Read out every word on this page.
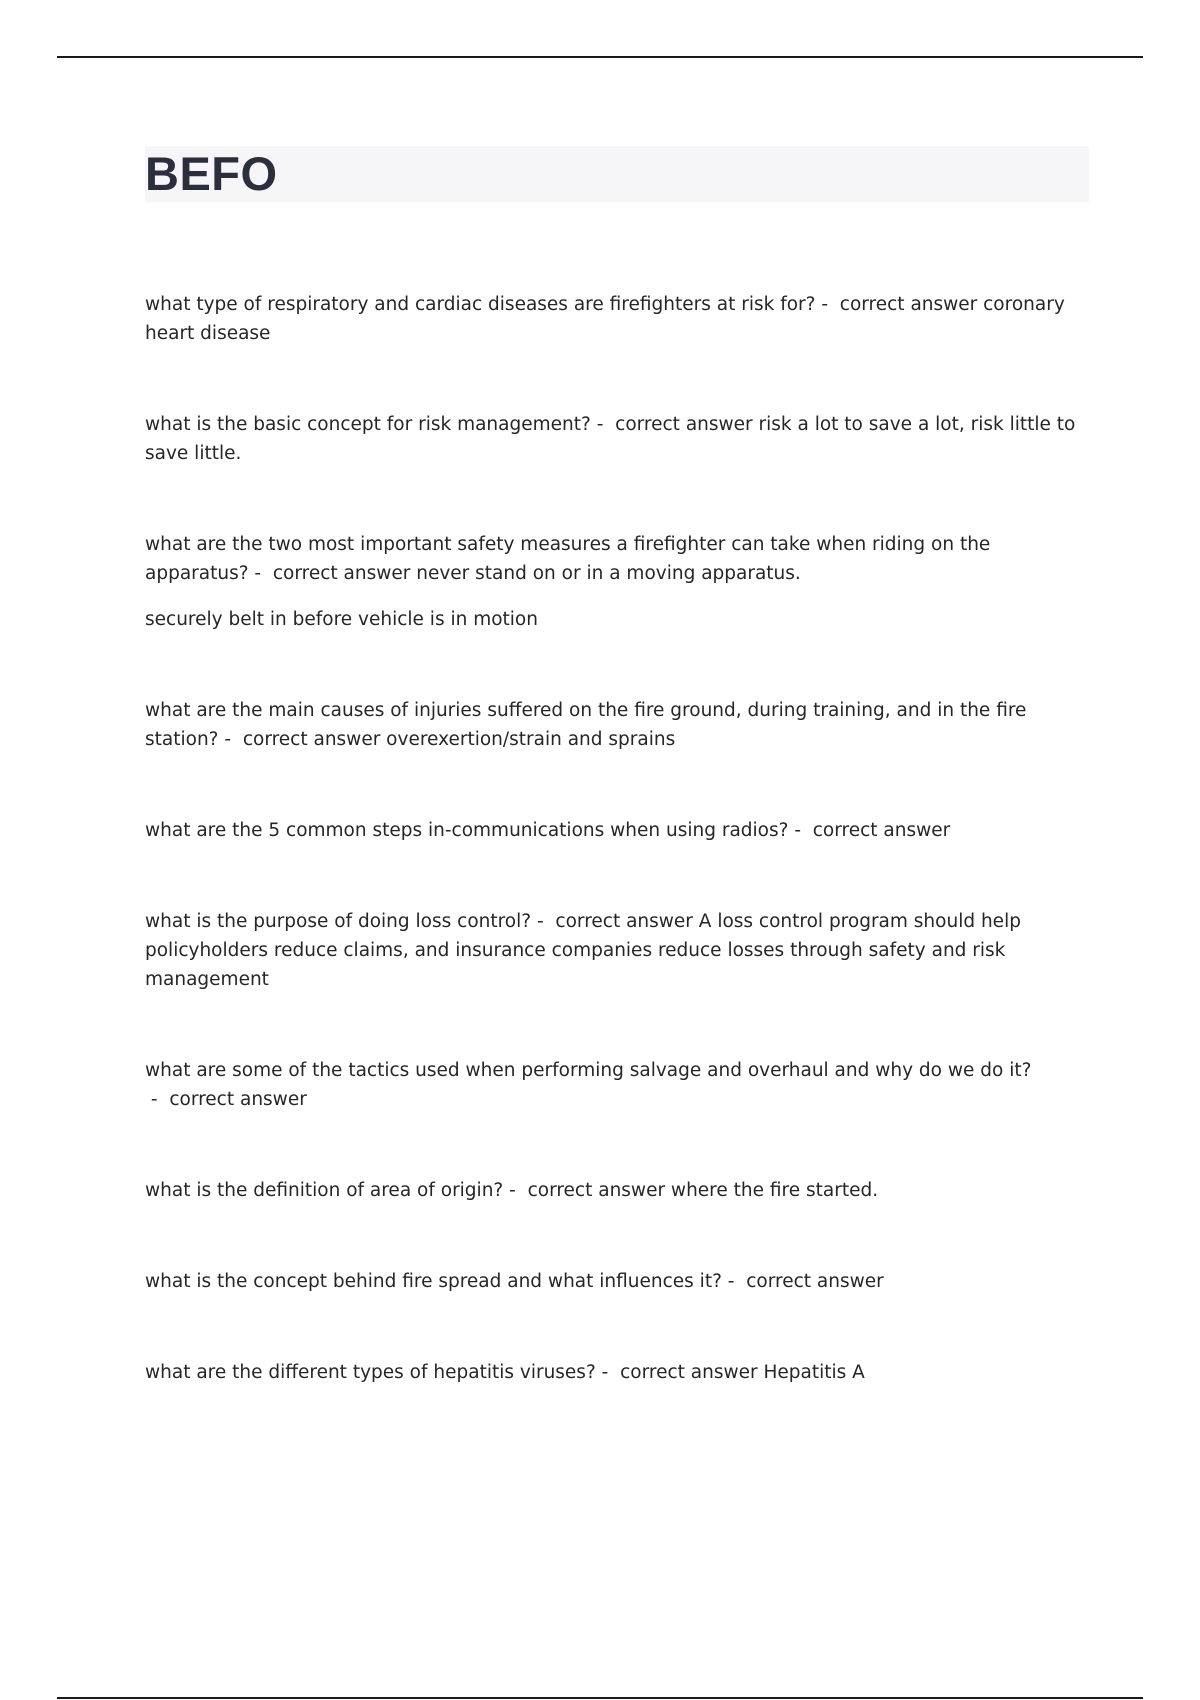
BEFO

what type of respiratory and cardiac diseases are firefighters at risk for? -  correct answer coronary heart disease

what is the basic concept for risk management? -  correct answer risk a lot to save a lot, risk little to save little.

what are the two most important safety measures a firefighter can take when riding on the apparatus? -  correct answer never stand on or in a moving apparatus.

securely belt in before vehicle is in motion

what are the main causes of injuries suffered on the fire ground, during training, and in the fire station? -  correct answer overexertion/strain and sprains

what are the 5 common steps in-communications when using radios? -  correct answer

what is the purpose of doing loss control? -  correct answer A loss control program should help policyholders reduce claims, and insurance companies reduce losses through safety and risk management

what are some of the tactics used when performing salvage and overhaul and why do we do it? -  correct answer

what is the definition of area of origin? -  correct answer where the fire started.

what is the concept behind fire spread and what influences it? -  correct answer

what are the different types of hepatitis viruses? -  correct answer Hepatitis A
